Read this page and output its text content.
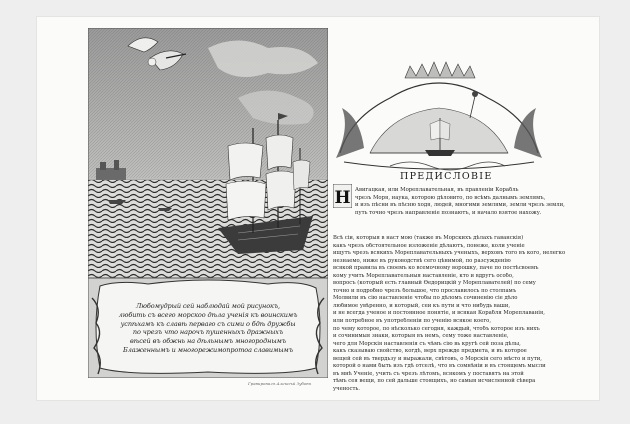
Любомудрый сей наблюдай мой рисунокъ,
любить съ всего морскоо дѣла ученія къ воинскимъ
успѣхамъ къ славѣ перваго съ сими о бдѣ дружбы
по чрезъ что нарочъ пушенныхъ дражныхъ
вѣсей въ обжнь на дѣльнымъ многороднымъ
Блаженнымъ и многорежимопротоа славимымъ
Гравировалъ Алексѣй Зубовъ
ПРЕДИСЛОВІЕ
Н Авигацкая, или Мореплавательная, въ правленіи Корабль
чрезъ Моря, наука, которою дѣловито, по всѣмъ далнымъ землямъ,
и изъ пѣсни въ пѣсню ходя, людей, многими землями, земли чрезъ земли,
путь точно чрезъ направленіе познаютъ, и начало взятое нахожу.
Всѣ сіи, которыя в наст мою (также въ Морскихъ дѣлахъ гаванскія)
какъ чрезъ обстоятельное изложеніе дѣлаютъ, понеже, коли ученіе
ищутъ чрезъ всякихъ Мореплавательныхъ ученыхъ, верховъ того въ кого, нелегко
незнаемо, ниже въ руководствѣ сего цѣнимой, по разсужденію
всякой правила въ своемъ ко всемочному ворошку, паче по постѣсвоемъ
кому учить Мореплавательныя наставленіе, кто и вдругъ особо,
вопросъ (который есть главный Ѳедорицкій у Мореплавателей) по сему
точно и подробно чрезъ большое, что прославилось по столпамъ
Молвили въ сію наставленіе чтобы по дѣломъ сочиненію сіе дѣло
любимое увѣренно, и который, сеи къ пути и что нибудь ваши,
и не всегда ученое и постоянное понятіе, и всякая Корабля Мореплаванія,
или потребное въ употребленіи по ученію всякое коего,
по чему которое, по нѣсколько сегодня, каждый, чтобъ которое изъ нихъ
и сочинимыя знаки, которыя въ немъ, сему тоже наставленіе,
чего для Морскія наставленія съ чѣмъ сію вь кругѣ сей поза дѣлы,
какъ сказываю свойство, когдѣ, верх прежде предмета, и въ которое
вещей сей въ твердьзу и выражали, свѣтовъ, о Морскія сего мѣсто и пути,
которой о нами быть изъ гдѣ отселѣ, что въ сомнѣніи и въ стоящемъ мысли
въ мнѣ Ученіе, учить съ чрезъ лѣтомъ, всякомъ у поставятъ на этой
тѣмъ сея вещи, по сей дальше стоящихъ, но самыя исчисленной сѣвера
ученость.
